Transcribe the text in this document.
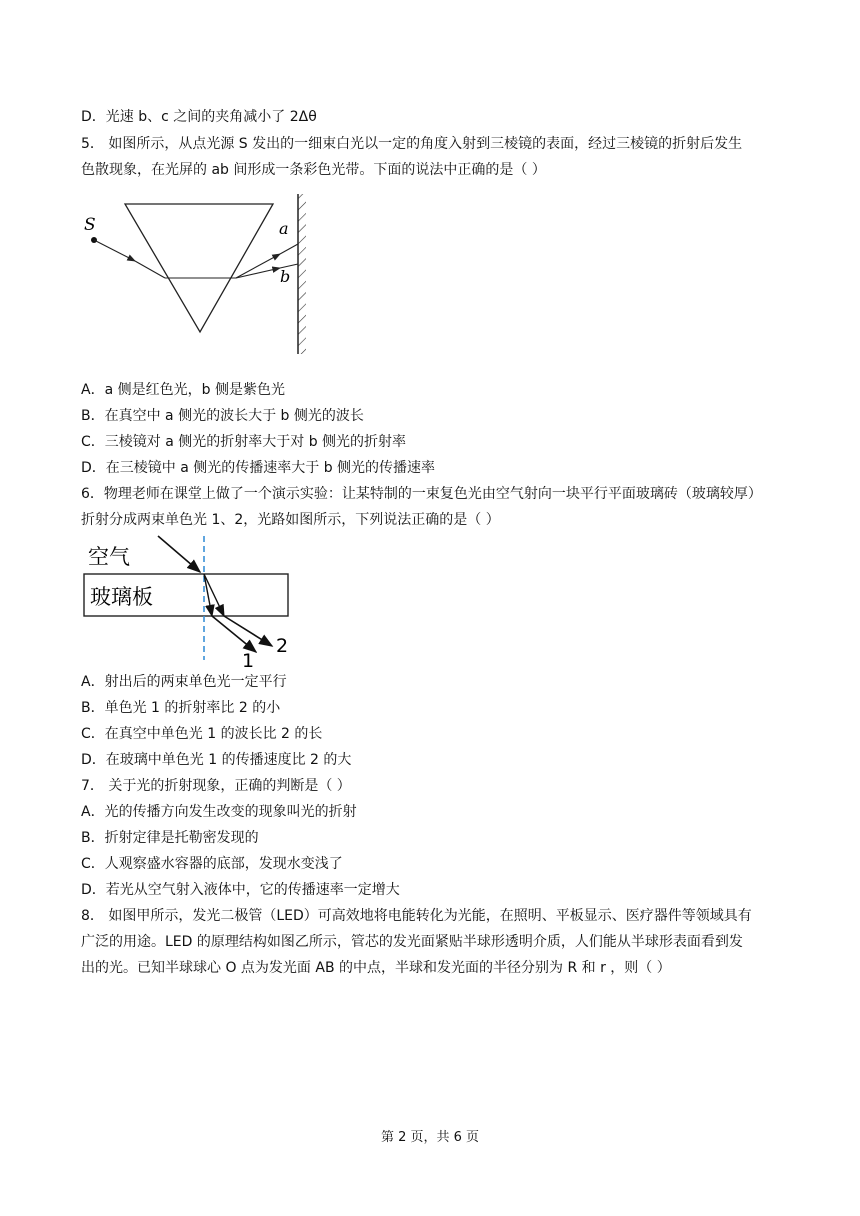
D．光速 b、c 之间的夹角减小了 2Δθ
5． 如图所示，从点光源 S 发出的一细束白光以一定的角度入射到三棱镜的表面，经过三棱镜的折射后发生
色散现象，在光屏的 ab 间形成一条彩色光带。下面的说法中正确的是（ ）
S	a
b
A．a 侧是红色光，b 侧是紫色光
B．在真空中 a 侧光的波长大于 b 侧光的波长
C．三棱镜对 a 侧光的折射率大于对 b 侧光的折射率
D．在三棱镜中 a 侧光的传播速率大于 b 侧光的传播速率
6．物理老师在课堂上做了一个演示实验：让某特制的一束复色光由空气射向一块平行平面玻璃砖（玻璃较厚）
折射分成两束单色光 1、2，光路如图所示，下列说法正确的是（ ）
空气
玻璃板
1
2
A．射出后的两束单色光一定平行
B．单色光 1 的折射率比 2 的小
C．在真空中单色光 1 的波长比 2 的长
D．在玻璃中单色光 1 的传播速度比 2 的大
7． 关于光的折射现象，正确的判断是（ ）
A．光的传播方向发生改变的现象叫光的折射
B．折射定律是托勒密发现的
C．人观察盛水容器的底部，发现水变浅了
D．若光从空气射入液体中，它的传播速率一定增大
8． 如图甲所示，发光二极管（LED）可高效地将电能转化为光能，在照明、平板显示、医疗器件等领域具有
广泛的用途。LED 的原理结构如图乙所示，管芯的发光面紧贴半球形透明介质，人们能从半球形表面看到发
出的光。已知半球球心 O 点为发光面 AB 的中点，半球和发光面的半径分别为 R 和 r ，则（ ）
第 2 页，共 6 页
